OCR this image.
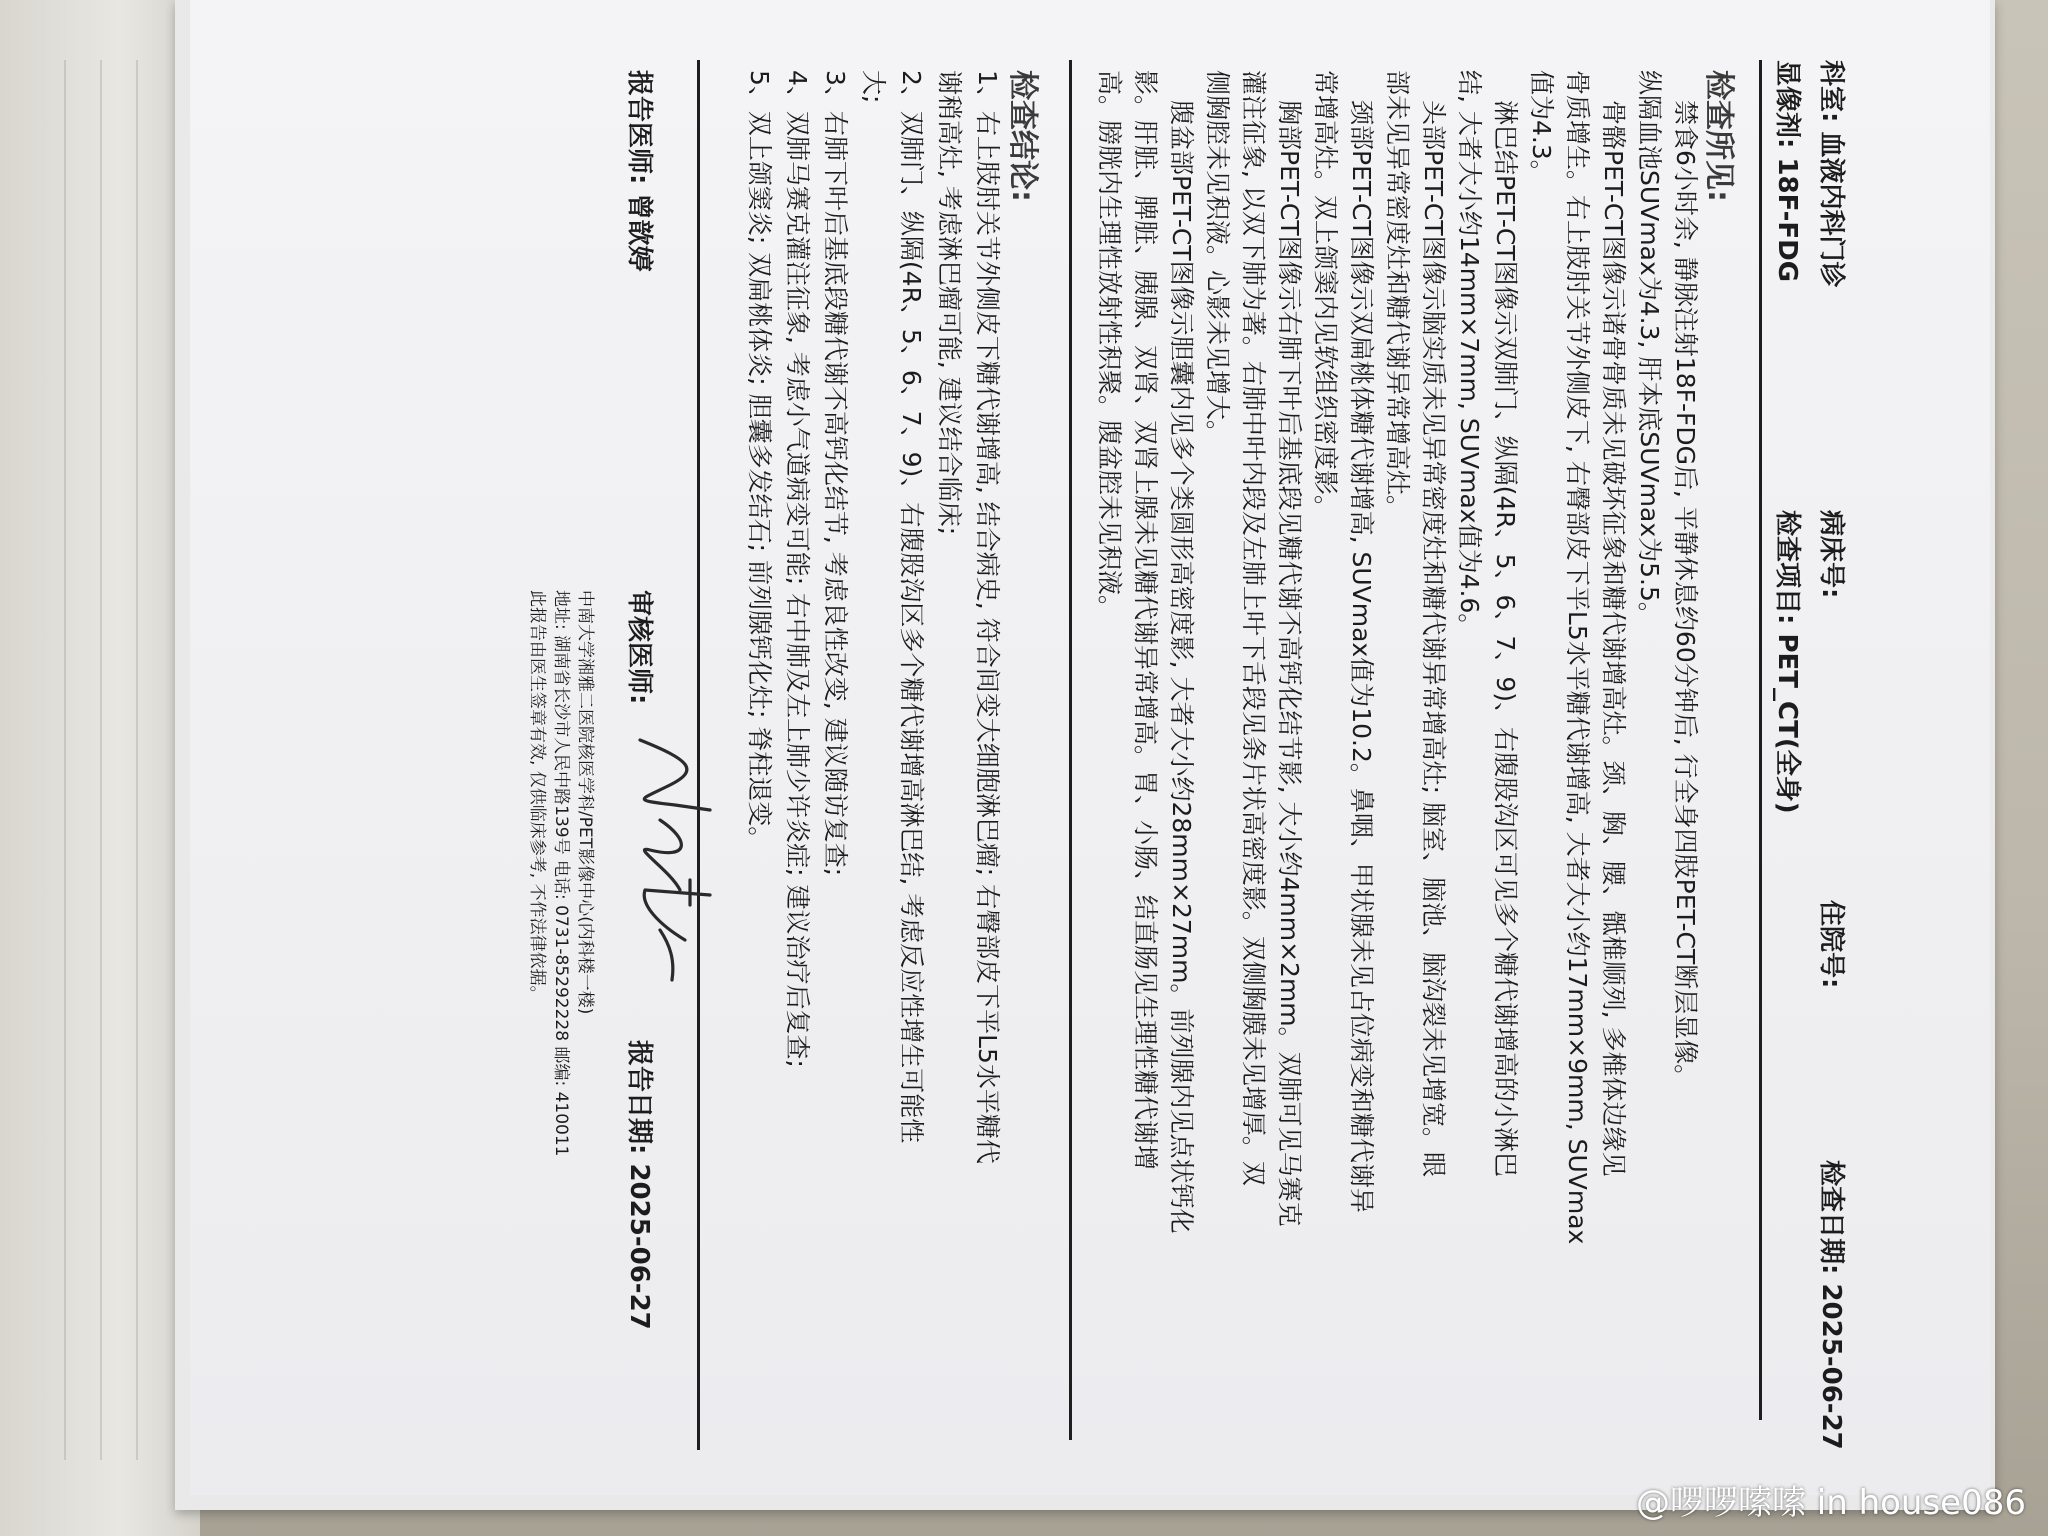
科室: 血液内科门诊
病床号:
住院号:
检查日期: 2025-06-27
显像剂: 18F-FDG
检查项目: PET_CT(全身)
检查所见:
禁食6小时余, 静脉注射18F-FDG后, 平静休息约60分钟后, 行全身四肢PET-CT断层显像。
纵隔血池SUVmax为4.3, 肝本底SUVmax为5.5。
骨骼PET-CT图像示诸骨骨质未见破坏征象和糖代谢增高灶。颈、胸、腰、骶椎顺列, 多椎体边缘见
骨质增生。右上肢肘关节外侧皮下, 右臀部皮下平L5水平糖代谢增高, 大者大小约17mm×9mm, SUVmax
值为4.3。
淋巴结PET-CT图像示双肺门、纵隔(4R、5、6、7、9)、右腹股沟区可见多个糖代谢增高的小淋巴
结, 大者大小约14mm×7mm, SUVmax值为4.6。
头部PET-CT图像示脑实质未见异常密度灶和糖代谢异常增高灶; 脑室、脑池、脑沟裂未见增宽。眼
部未见异常密度灶和糖代谢异常增高灶。
颈部PET-CT图像示双扁桃体糖代谢增高, SUVmax值为10.2。鼻咽、甲状腺未见占位病变和糖代谢异
常增高灶。双上颌窦内见软组织密度影。
胸部PET-CT图像示右肺下叶后基底段见糖代谢不高钙化结节影, 大小约4mm×2mm。双肺可见马赛克
灌注征象, 以双下肺为著。右肺中叶内段及左肺上叶下舌段见条片状高密度影。双侧胸膜未见增厚。双
侧胸腔未见积液。心影未见增大。
腹盆部PET-CT图像示胆囊内见多个类圆形高密度影, 大者大小约28mm×27mm。前列腺内见点状钙化
影。肝脏、脾脏、胰腺、双肾、双肾上腺未见糖代谢异常增高。胃、小肠、结直肠见生理性糖代谢增
高。膀胱内生理性放射性积聚。腹盆腔未见积液。
检查结论:
1、右上肢肘关节外侧皮下糖代谢增高, 结合病史, 符合间变大细胞淋巴瘤; 右臀部皮下平L5水平糖代
谢稍高灶, 考虑淋巴瘤可能, 建议结合临床;
2、双肺门、纵隔(4R、5、6、7、9)、右腹股沟区多个糖代谢增高淋巴结, 考虑反应性增生可能性
大;
3、右肺下叶后基底段糖代谢不高钙化结节, 考虑良性改变, 建议随访复查;
4、双肺马赛克灌注征象, 考虑小气道病变可能; 右中肺及左上肺少许炎症; 建议治疗后复查;
5、双上颌窦炎; 双扁桃体炎; 胆囊多发结石; 前列腺钙化灶; 脊柱退变。
报告医师: 曾歆婷
审核医师:
报告日期: 2025-06-27
中南大学湘雅二医院核医学科/PET影像中心(内科楼一楼)
地址: 湖南省长沙市人民中路139号 电话: 0731-85292228 邮编: 410011
此报告由医生签章有效, 仅供临床参考, 不作法律依据。
@啰啰嗦嗦 in house086
